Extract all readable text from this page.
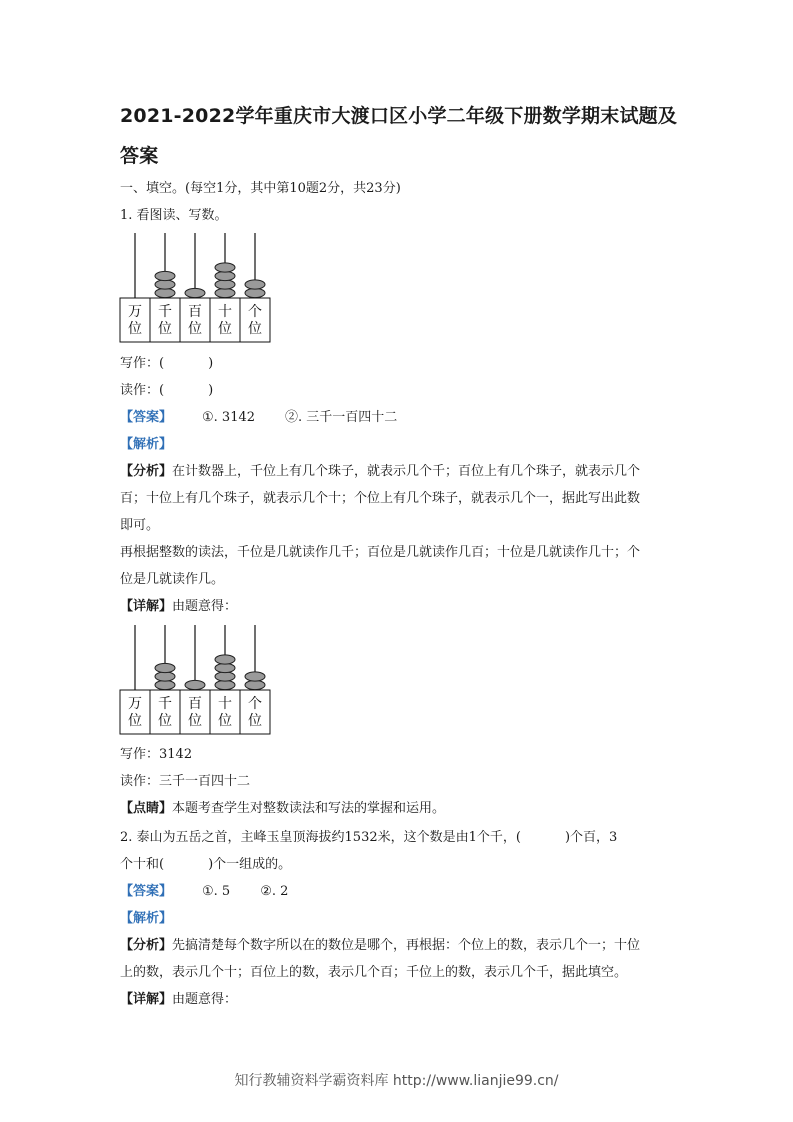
2021-2022学年重庆市大渡口区小学二年级下册数学期末试题及答案
一、填空。(每空1分，其中第10题2分，共23分)
1. 看图读、写数。
万
位
千
位
百
位
十
位
个
位
写作：(	)
读作：(	)
【答案】 ①. 3142 ②. 三千一百四十二
【解析】
【分析】在计数器上，千位上有几个珠子，就表示几个千；百位上有几个珠子，就表示几个
百；十位上有几个珠子，就表示几个十；个位上有几个珠子，就表示几个一，据此写出此数
即可。
再根据整数的读法，千位是几就读作几千；百位是几就读作几百；十位是几就读作几十；个
位是几就读作几。
【详解】由题意得：
万
位
千
位
百
位
十
位
个
位
写作：3142
读作：三千一百四十二
【点睛】本题考查学生对整数读法和写法的掌握和运用。
2. 泰山为五岳之首，主峰玉皇顶海拔约1532米，这个数是由1个千，(	)个百，3
个十和(	)个一组成的。
【答案】 ①. 5 ②. 2
【解析】
【分析】先搞清楚每个数字所以在的数位是哪个，再根据：个位上的数，表示几个一；十位
上的数，表示几个十；百位上的数，表示几个百；千位上的数，表示几个千，据此填空。
【详解】由题意得：
知行教辅资料学霸资料库 http://www.lianjie99.cn/
